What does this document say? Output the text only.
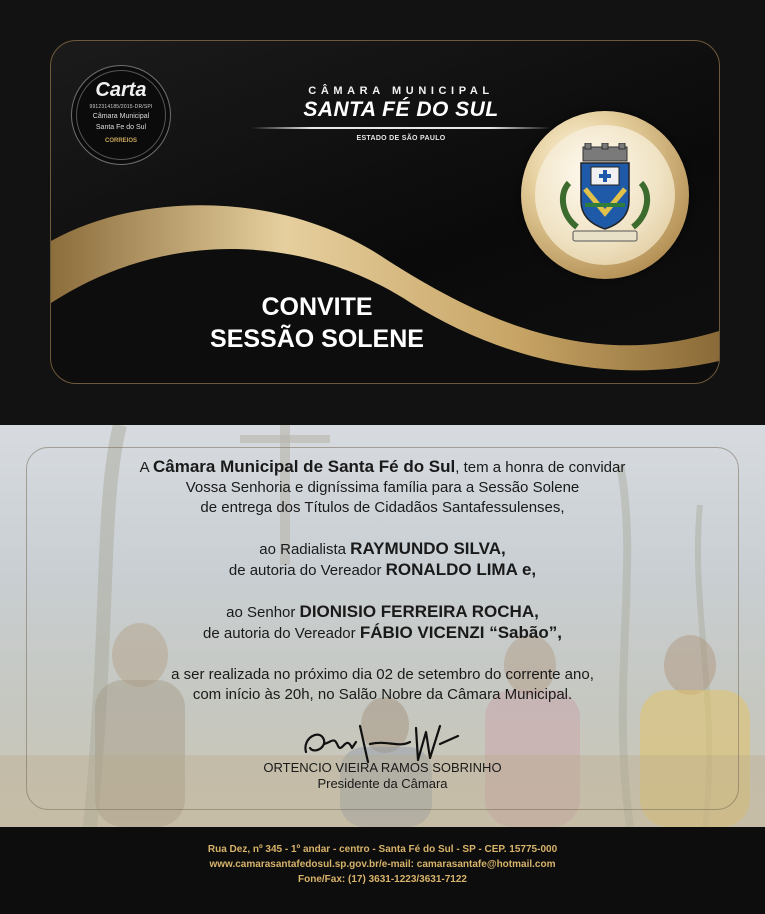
Carta
9912314185/2015-DR/SPI
Câmara Municipal
Santa Fe do Sul
CORREIOS
CÂMARA MUNICIPAL
SANTA FÉ DO SUL
ESTADO DE SÃO PAULO
CONVITE
SESSÃO SOLENE
A Câmara Municipal de Santa Fé do Sul, tem a honra de convidar
Vossa Senhoria e digníssima família para a Sessão Solene
de entrega dos Títulos de Cidadãos Santafessulenses,
ao Radialista RAYMUNDO SILVA,
de autoria do Vereador RONALDO LIMA e,
ao Senhor DIONISIO FERREIRA ROCHA,
de autoria do Vereador FÁBIO VICENZI “Sabão”,
a ser realizada no próximo dia 02 de setembro do corrente ano,
com início às 20h, no Salão Nobre da Câmara Municipal.
ORTENCIO VIEIRA RAMOS SOBRINHO
Presidente da Câmara
Rua Dez, nº 345 - 1º andar - centro - Santa Fé do Sul - SP - CEP. 15775-000
www.camarasantafedosul.sp.gov.br/e-mail: camarasantafe@hotmail.com
Fone/Fax: (17) 3631-1223/3631-7122
